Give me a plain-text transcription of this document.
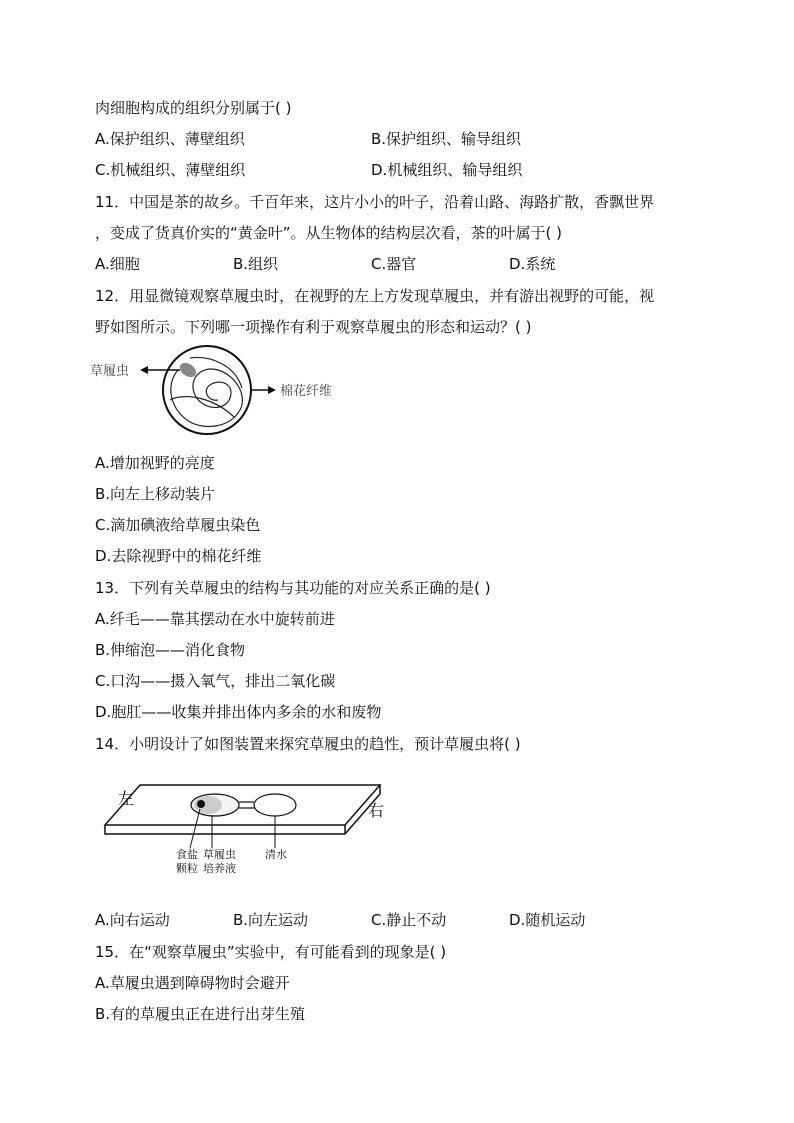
肉细胞构成的组织分别属于( )
A.保护组织、薄壁组织	B.保护组织、输导组织
C.机械组织、薄壁组织	D.机械组织、输导组织
11．中国是茶的故乡。千百年来，这片小小的叶子，沿着山路、海路扩散，香飘世界
，变成了货真价实的“黄金叶”。从生物体的结构层次看，茶的叶属于( )
A.细胞	B.组织	C.器官	D.系统
12．用显微镜观察草履虫时，在视野的左上方发现草履虫，并有游出视野的可能，视
野如图所示。下列哪一项操作有利于观察草履虫的形态和运动？( )
草履虫
棉花纤维
A.增加视野的亮度
B.向左上移动装片
C.滴加碘液给草履虫染色
D.去除视野中的棉花纤维
13．下列有关草履虫的结构与其功能的对应关系正确的是( )
A.纤毛——靠其摆动在水中旋转前进
B.伸缩泡——消化食物
C.口沟——摄入氧气，排出二氧化碳
D.胞肛——收集并排出体内多余的水和废物
14．小明设计了如图装置来探究草履虫的趋性，预计草履虫将( )
左
右
食盐
颗粒
草履虫
培养液
清水
A.向右运动	B.向左运动	C.静止不动	D.随机运动
15．在“观察草履虫”实验中，有可能看到的现象是( )
A.草履虫遇到障碍物时会避开
B.有的草履虫正在进行出芽生殖
